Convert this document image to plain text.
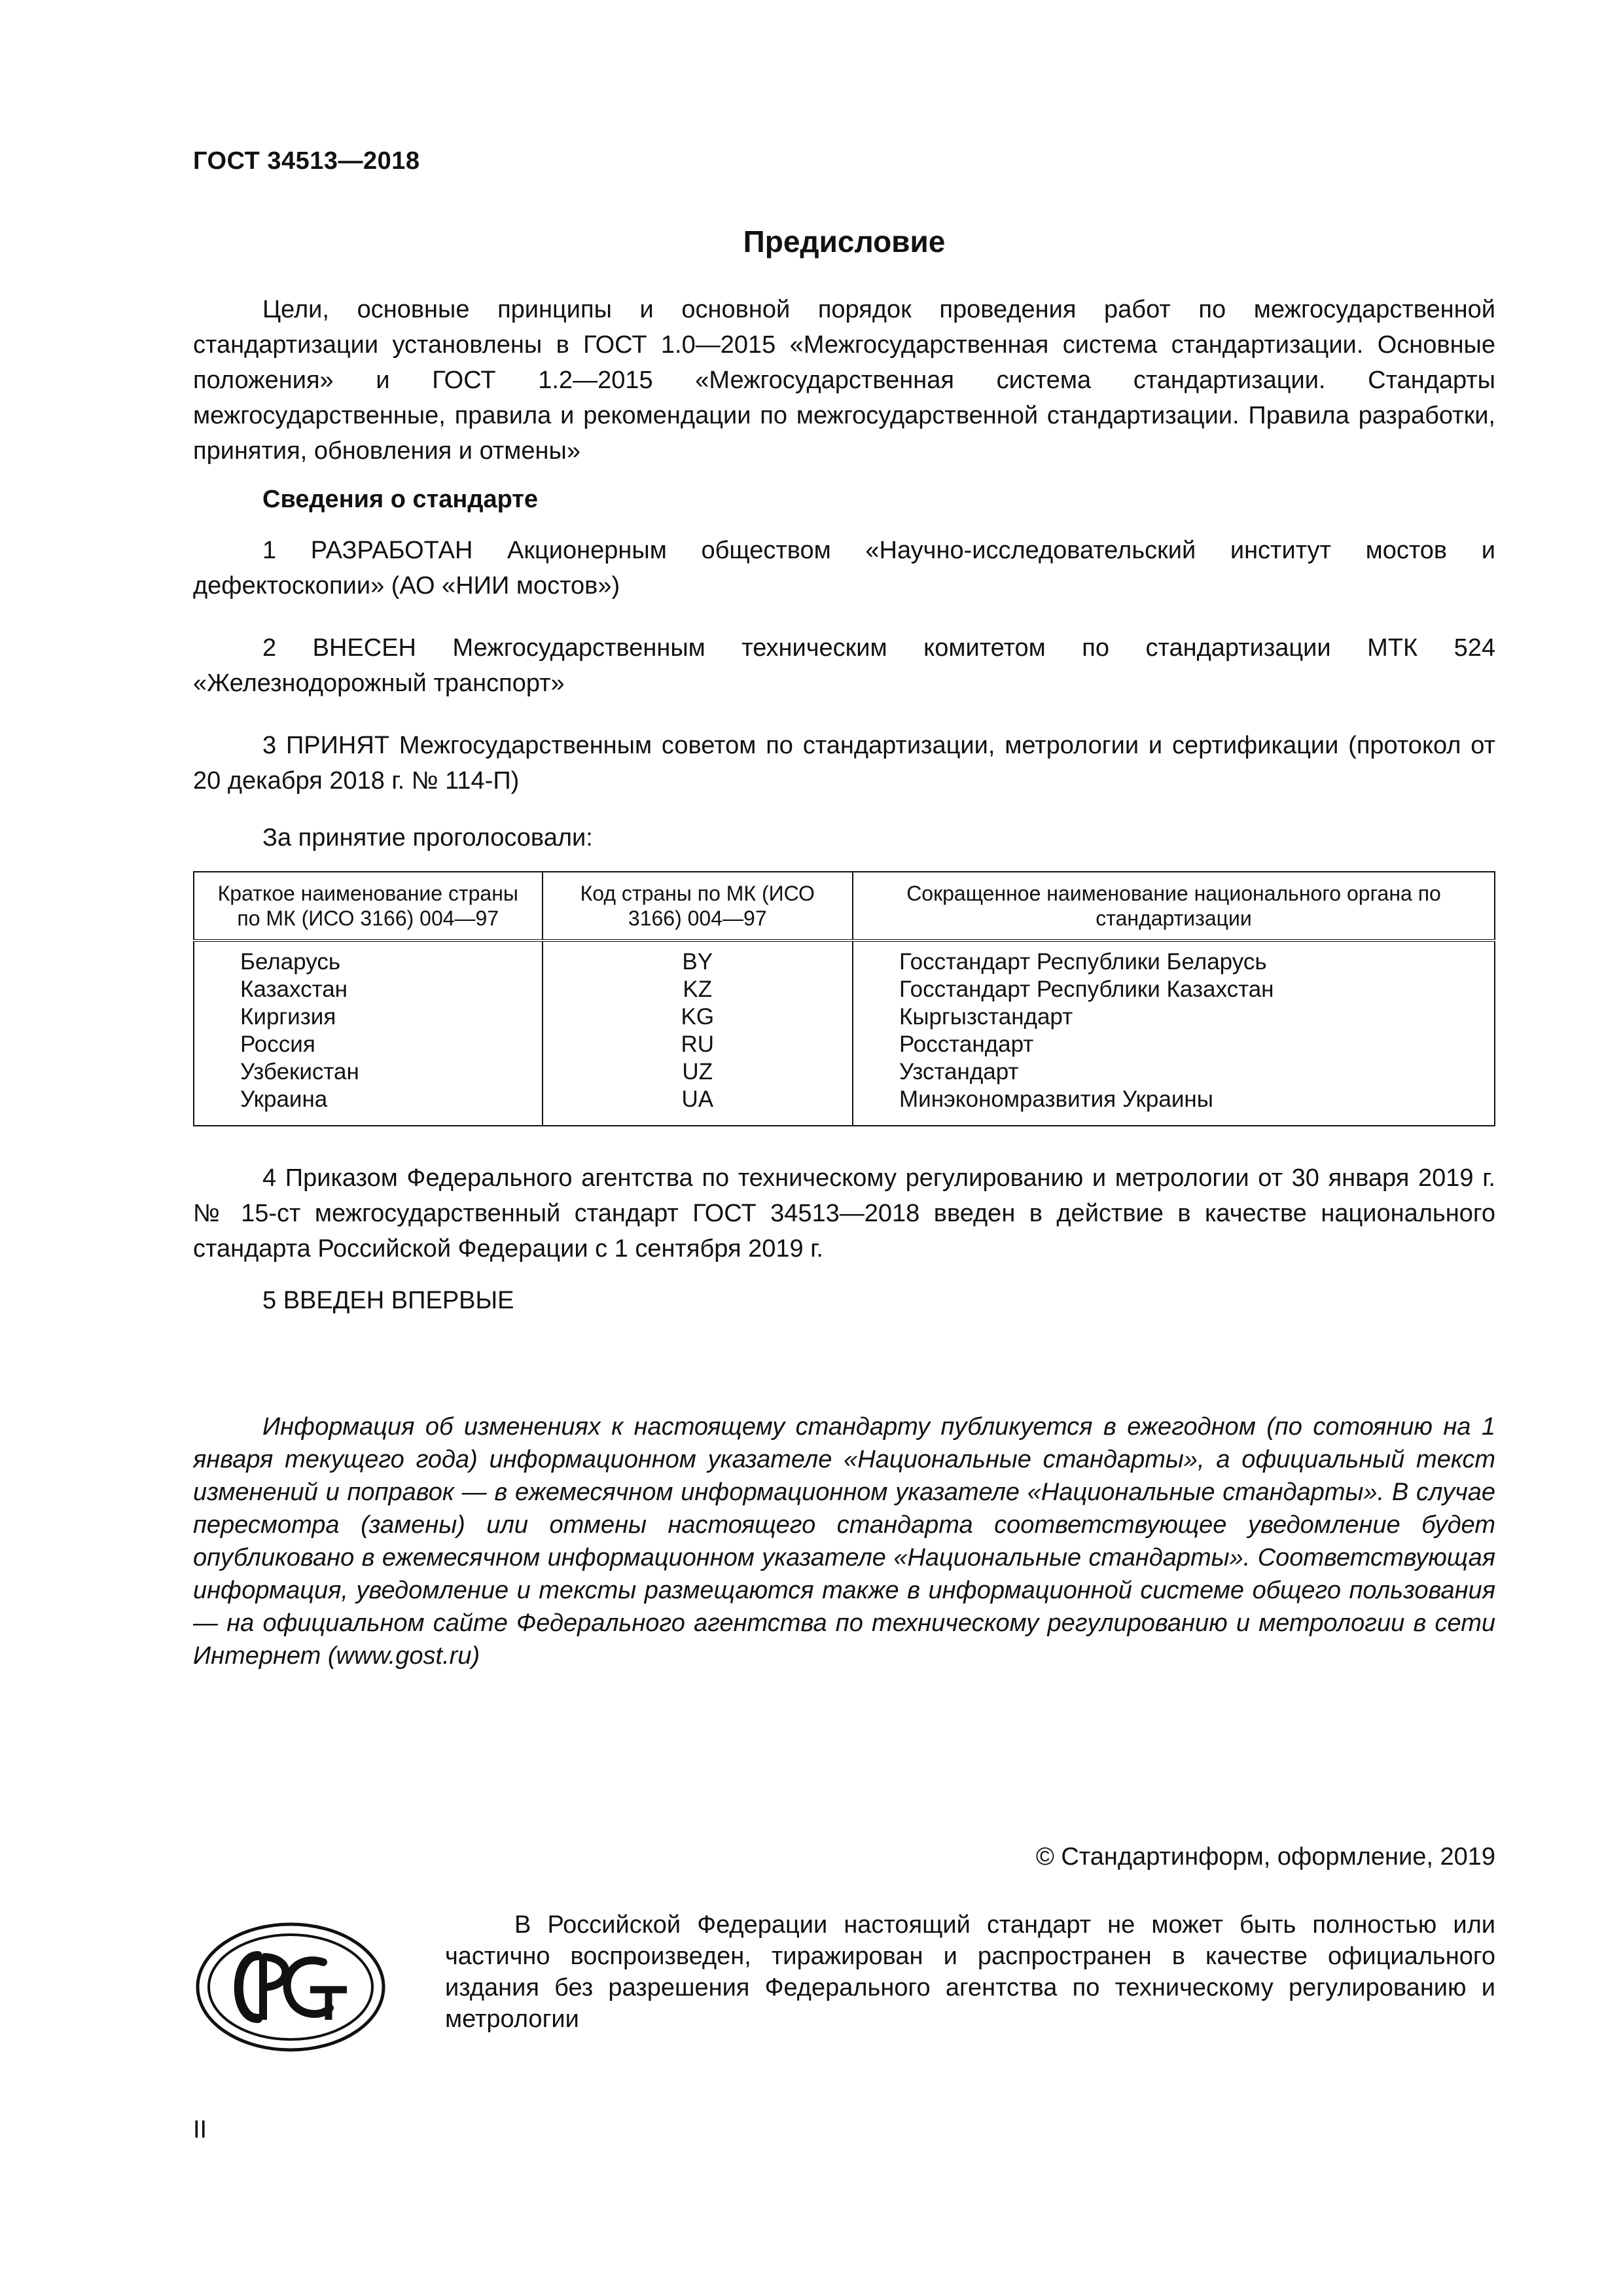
ГОСТ 34513—2018
Предисловие
Цели, основные принципы и основной порядок проведения работ по межгосударственной стандартизации установлены в ГОСТ 1.0—2015 «Межгосударственная система стандартизации. Основные положения» и ГОСТ 1.2—2015 «Межгосударственная система стандартизации. Стандарты межгосударственные, правила и рекомендации по межгосударственной стандартизации. Правила разработки, принятия, обновления и отмены»
Сведения о стандарте
1 РАЗРАБОТАН Акционерным обществом «Научно-исследовательский институт мостов и дефектоскопии» (АО «НИИ мостов»)
2 ВНЕСЕН Межгосударственным техническим комитетом по стандартизации МТК 524 «Железнодорожный транспорт»
3 ПРИНЯТ Межгосударственным советом по стандартизации, метрологии и сертификации (протокол от 20 декабря 2018 г. № 114-П)
За принятие проголосовали:
Краткое наименование страны по МК (ИСО 3166) 004—97	Код страны по МК (ИСО 3166) 004—97	Сокращенное наименование национального органа по стандартизации
Беларусь	BY	Госстандарт Республики Беларусь
Казахстан	KZ	Госстандарт Республики Казахстан
Киргизия	KG	Кыргызстандарт
Россия	RU	Росстандарт
Узбекистан	UZ	Узстандарт
Украина	UA	Минэкономразвития Украины
4 Приказом Федерального агентства по техническому регулированию и метрологии от 30 января 2019 г. № 15-ст межгосударственный стандарт ГОСТ 34513—2018 введен в действие в качестве национального стандарта Российской Федерации с 1 сентября 2019 г.
5 ВВЕДЕН ВПЕРВЫЕ
Информация об изменениях к настоящему стандарту публикуется в ежегодном (по сотоянию на 1 января текущего года) информационном указателе «Национальные стандарты», а официальный текст изменений и поправок — в ежемесячном информационном указателе «Национальные стандарты». В случае пересмотра (замены) или отмены настоящего стандарта соответствующее уведомление будет опубликовано в ежемесячном информационном указателе «Национальные стандарты». Соответствующая информация, уведомление и тексты размещаются также в информационной системе общего пользования — на официальном сайте Федерального агентства по техническому регулированию и метрологии в сети Интернет (www.gost.ru)
© Стандартинформ, оформление, 2019
В Российской Федерации настоящий стандарт не может быть полностью или частично воспроизведен, тиражирован и распространен в качестве официального издания без разрешения Федерального агентства по техническому регулированию и метрологии
II
